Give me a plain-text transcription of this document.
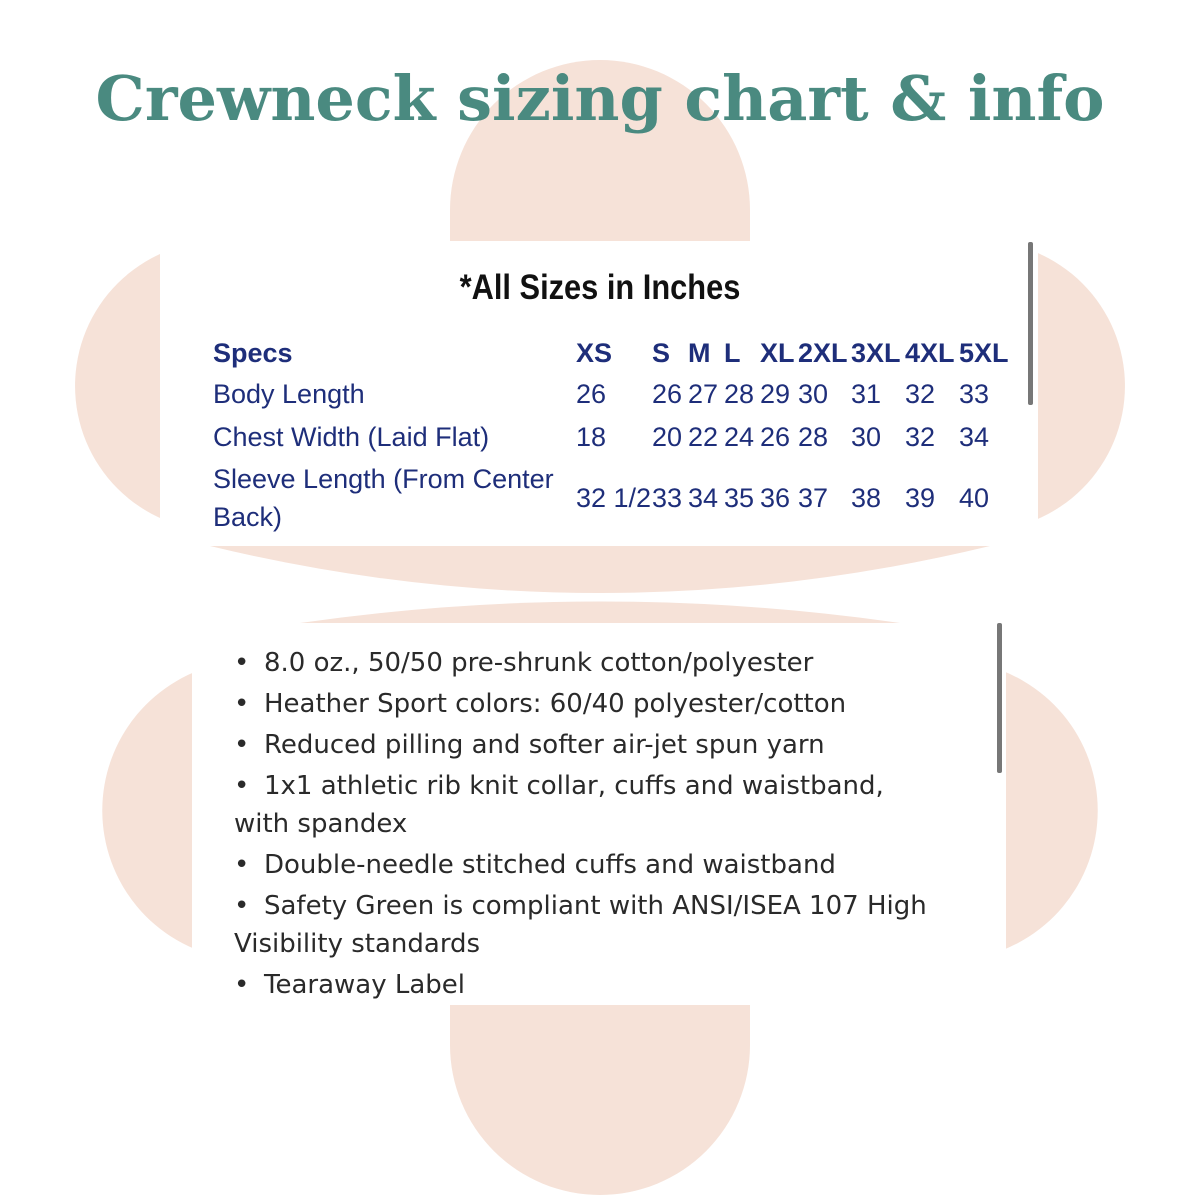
Crewneck sizing chart & info
*All Sizes in Inches
Specs	XS	S	M	L	XL	2XL	3XL	4XL	5XL
Body Length	26	26	27	28	29	30	31	32	33
Chest Width (Laid Flat)	18	20	22	24	26	28	30	32	34
Sleeve Length (From Center Back)	32 1/2	33	34	35	36	37	38	39	40
• 8.0 oz., 50/50 pre-shrunk cotton/polyester
• Heather Sport colors: 60/40 polyester/cotton
• Reduced pilling and softer air-jet spun yarn
• 1x1 athletic rib knit collar, cuffs and waistband, with spandex
• Double-needle stitched cuffs and waistband
• Safety Green is compliant with ANSI/ISEA 107 High Visibility standards
• Tearaway Label
